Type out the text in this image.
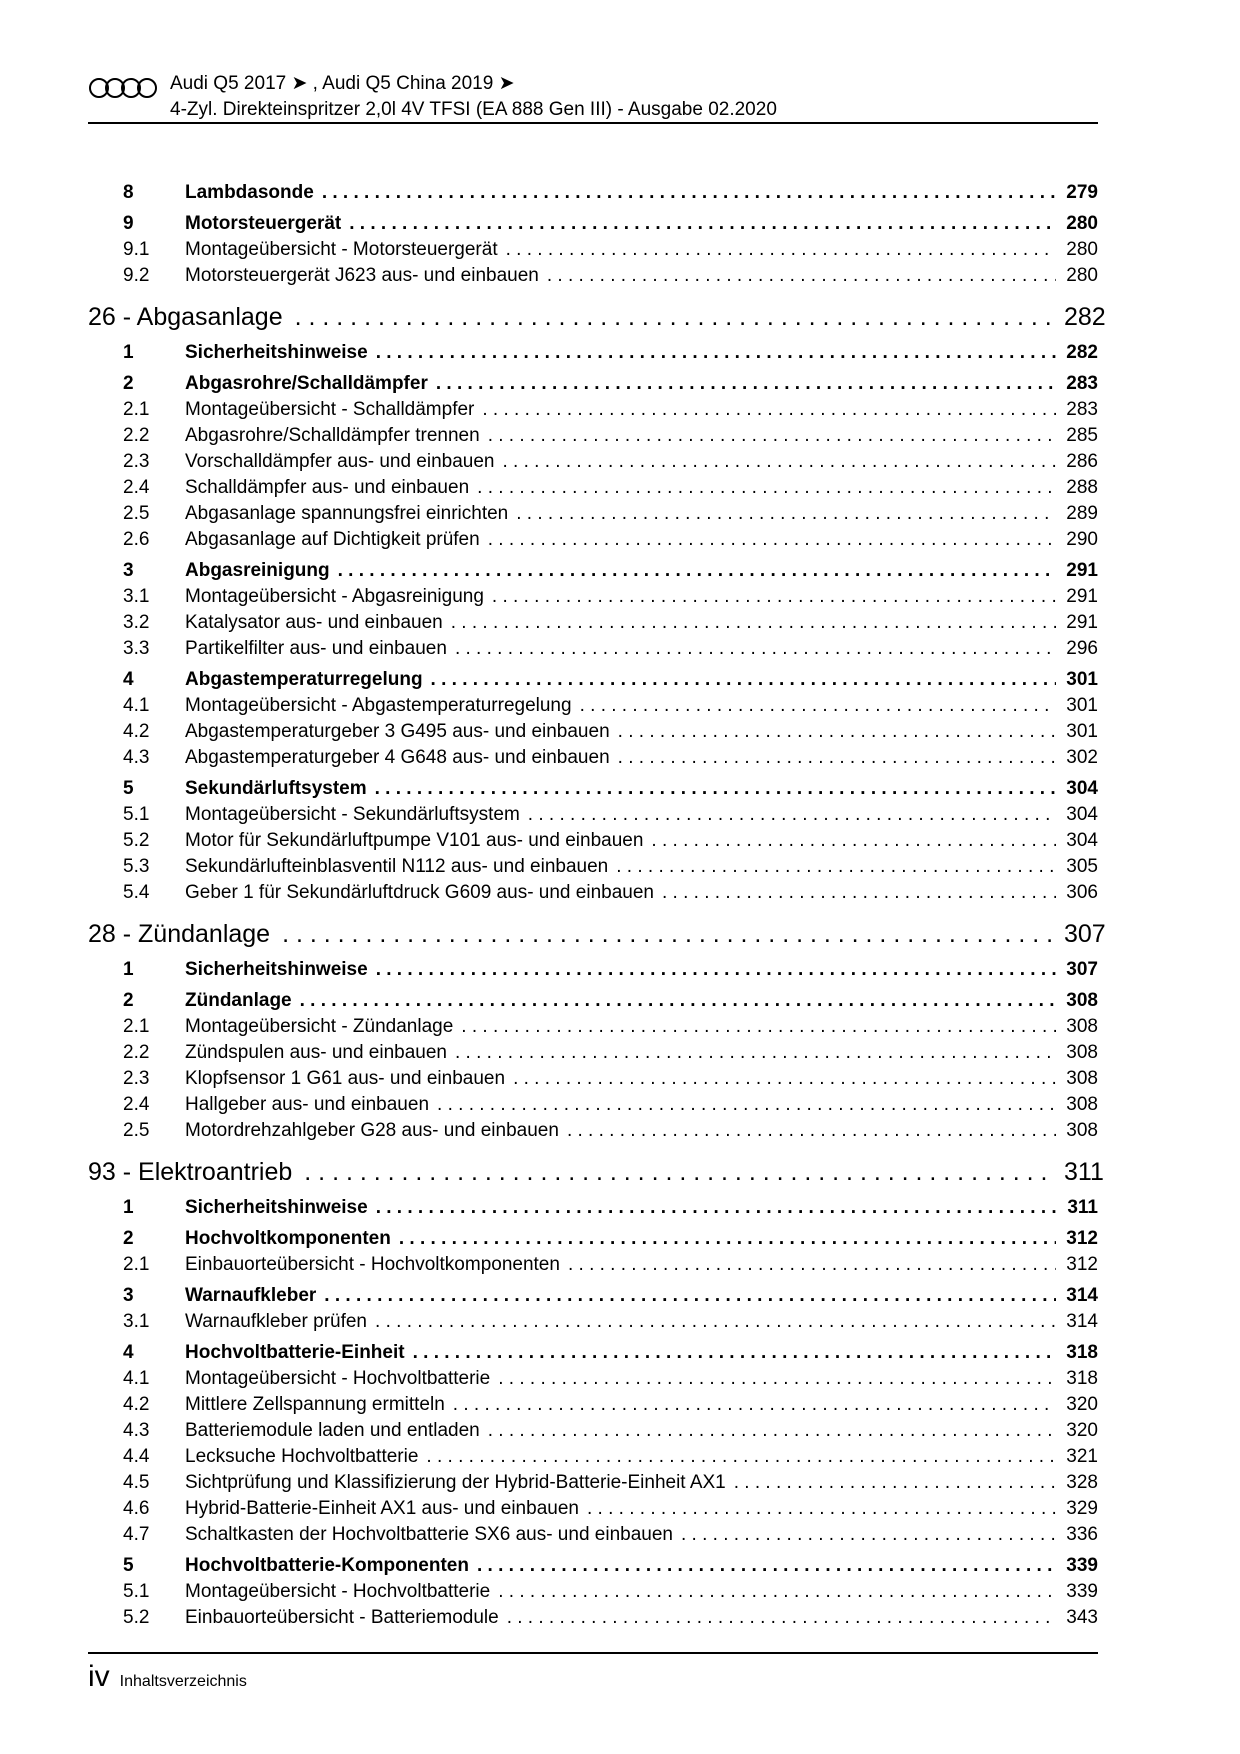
Audi Q5 2017 ➤ , Audi Q5 China 2019 ➤
4-Zyl. Direkteinspritzer 2,0l 4V TFSI (EA 888 Gen III) - Ausgabe 02.2020
8	Lambdasonde . . .	279
9	Motorsteuergerät . . .	280
9.1	Montageübersicht - Motorsteuergerät . . .	280
9.2	Motorsteuergerät J623 aus- und einbauen . . .	280
26 - Abgasanlage . . .	282
1	Sicherheitshinweise . . .	282
2	Abgasrohre/Schalldämpfer . . .	283
2.1	Montageübersicht - Schalldämpfer . . .	283
2.2	Abgasrohre/Schalldämpfer trennen . . .	285
2.3	Vorschalldämpfer aus- und einbauen . . .	286
2.4	Schalldämpfer aus- und einbauen . . .	288
2.5	Abgasanlage spannungsfrei einrichten . . .	289
2.6	Abgasanlage auf Dichtigkeit prüfen . . .	290
3	Abgasreinigung . . .	291
3.1	Montageübersicht - Abgasreinigung . . .	291
3.2	Katalysator aus- und einbauen . . .	291
3.3	Partikelfilter aus- und einbauen . . .	296
4	Abgastemperaturregelung . . .	301
4.1	Montageübersicht - Abgastemperaturregelung . . .	301
4.2	Abgastemperaturgeber 3 G495 aus- und einbauen . . .	301
4.3	Abgastemperaturgeber 4 G648 aus- und einbauen . . .	302
5	Sekundärluftsystem . . .	304
5.1	Montageübersicht - Sekundärluftsystem . . .	304
5.2	Motor für Sekundärluftpumpe V101 aus- und einbauen . . .	304
5.3	Sekundärlufteinblasventil N112 aus- und einbauen . . .	305
5.4	Geber 1 für Sekundärluftdruck G609 aus- und einbauen . . .	306
28 - Zündanlage . . .	307
1	Sicherheitshinweise . . .	307
2	Zündanlage . . .	308
2.1	Montageübersicht - Zündanlage . . .	308
2.2	Zündspulen aus- und einbauen . . .	308
2.3	Klopfsensor 1 G61 aus- und einbauen . . .	308
2.4	Hallgeber aus- und einbauen . . .	308
2.5	Motordrehzahlgeber G28 aus- und einbauen . . .	308
93 - Elektroantrieb . . .	311
1	Sicherheitshinweise . . .	311
2	Hochvoltkomponenten . . .	312
2.1	Einbauorteübersicht - Hochvoltkomponenten . . .	312
3	Warnaufkleber . . .	314
3.1	Warnaufkleber prüfen . . .	314
4	Hochvoltbatterie-Einheit . . .	318
4.1	Montageübersicht - Hochvoltbatterie . . .	318
4.2	Mittlere Zellspannung ermitteln . . .	320
4.3	Batteriemodule laden und entladen . . .	320
4.4	Lecksuche Hochvoltbatterie . . .	321
4.5	Sichtprüfung und Klassifizierung der Hybrid-Batterie-Einheit AX1 . . .	328
4.6	Hybrid-Batterie-Einheit AX1 aus- und einbauen . . .	329
4.7	Schaltkasten der Hochvoltbatterie SX6 aus- und einbauen . . .	336
5	Hochvoltbatterie-Komponenten . . .	339
5.1	Montageübersicht - Hochvoltbatterie . . .	339
5.2	Einbauorteübersicht - Batteriemodule . . .	343
iv Inhaltsverzeichnis
